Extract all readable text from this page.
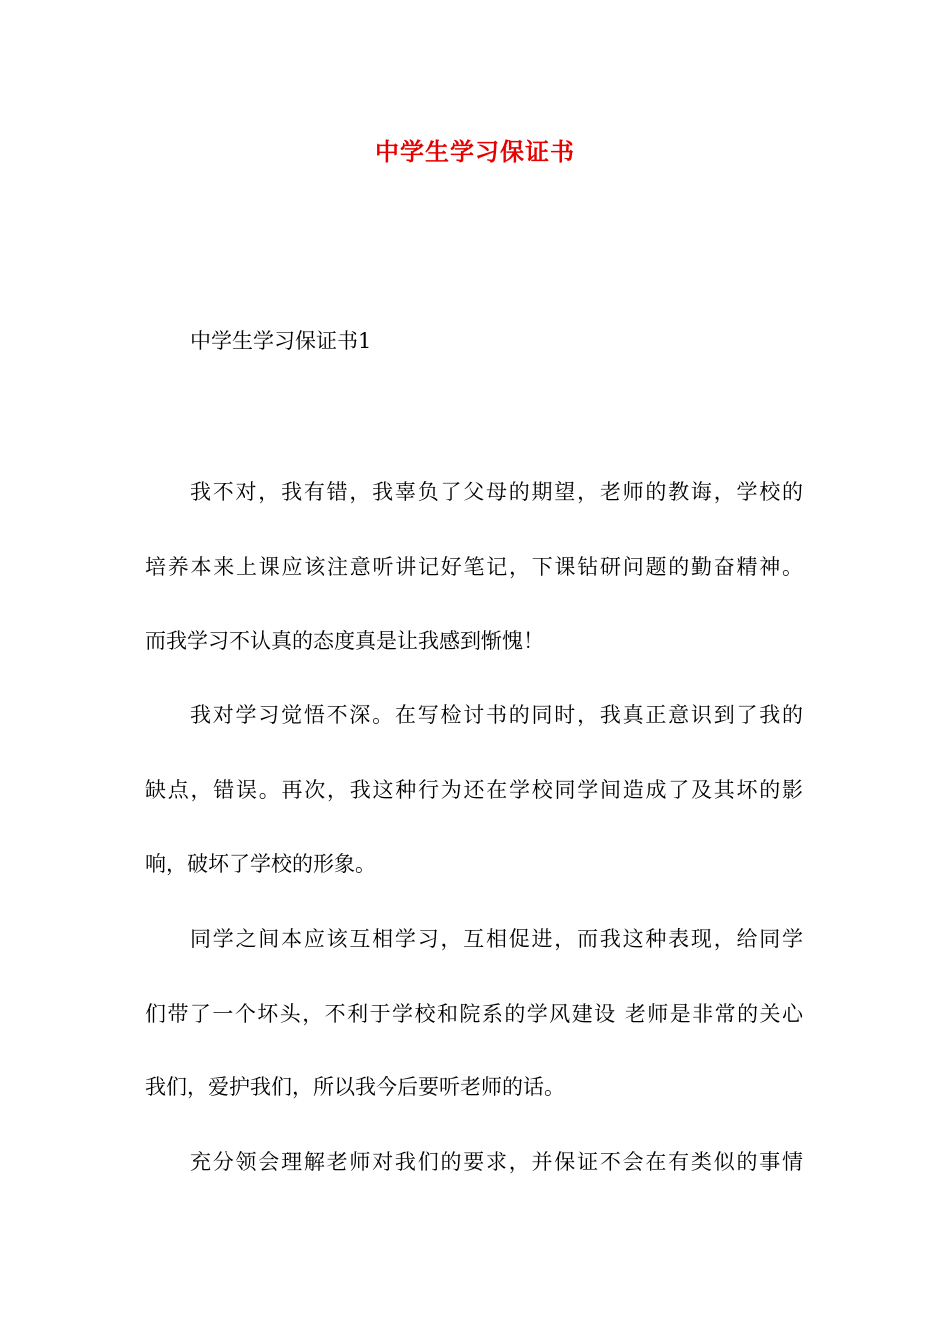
中学生学习保证书
中学生学习保证书1
我不对，我有错，我辜负了父母的期望，老师的教诲，学校的
培养本来上课应该注意听讲记好笔记，下课钻研问题的勤奋精神。
而我学习不认真的态度真是让我感到惭愧！
我对学习觉悟不深。在写检讨书的同时，我真正意识到了我的
缺点，错误。再次，我这种行为还在学校同学间造成了及其坏的影
响，破坏了学校的形象。
同学之间本应该互相学习，互相促进，而我这种表现，给同学
们带了一个坏头，不利于学校和院系的学风建设 老师是非常的关心
我们，爱护我们，所以我今后要听老师的话。
充分领会理解老师对我们的要求，并保证不会在有类似的事情
